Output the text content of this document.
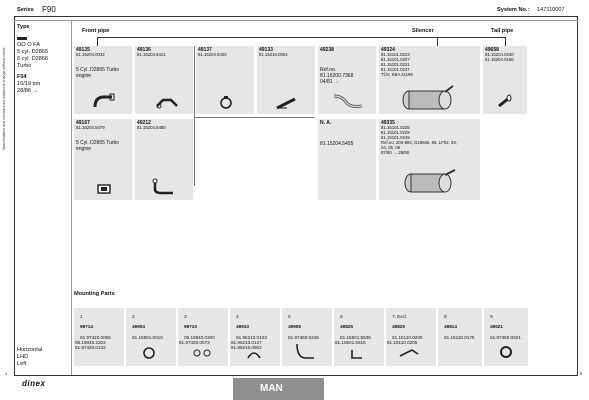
Specifications and numbers are subject to change without notice
Series F90	System No.: 147110007
Type
O̶O O FA
5 cyl. D2865
6 cyl. D2866
Turbo
F04
16/19 ton
28/86 →
Horizontal
LHD
Left
1
Front pipe	Silencer	Tail pipe
49135
81.15204.0032
5 Cyl. D2865 Turbo
engine
49136
81.15204.5421
49137
81.15204.5420
49133
81.15210.0054
49238
Ref.no.
81.15200.7368
04/81 →
49324
81.15101.0223
81.15101.0207
81.15101.0231
81.15101.0247
TÜV, KBA 21199
49658
81.15204.0230
81.15204.0186
49167
81.15204.5479
5 Cyl. D2865 Turbo
engine
49212
81.15204.5480
N. A.
81.15204.5455
49335
81.15101.0225
81.15101.0229
81.15101.0249
Ref.no. 206-884, D28665, 86, LF02, 03,
04, 05, 06
07/80 → 28/90
Mounting Parts

1

99714

81.97420.0065
06.19045.2203
81.97420.0132

2

49904

81.15501.0010

3

99710

06.19940.0300
81.97420.0073

4

49910

81.96210.0103
81.96210.0127
81.96210.0902

5

49905

81.97460.5245

6

49825

81.15501.5536
81.15501.5516

7. Excl.

49826

81.15110.0200
81.15110.0205

8

49814

81.15110.0175

9

49621

81.97460.0021

dinex	MAN
5
